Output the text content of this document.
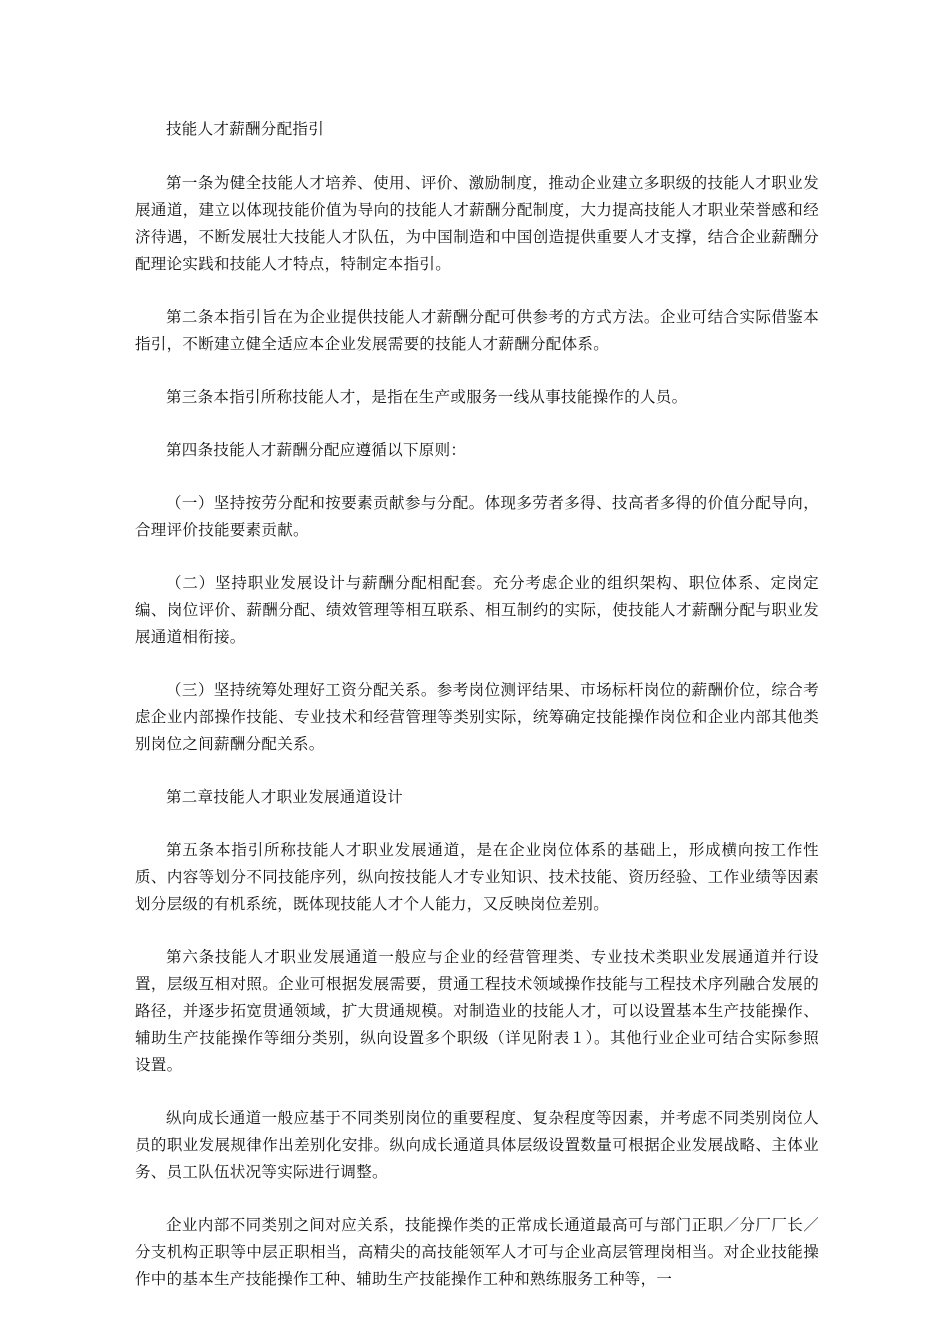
技能人才薪酬分配指引

第一条为健全技能人才培养、使用、评价、激励制度，推动企业建立多职级的技能人才职业发展通道，建立以体现技能价值为导向的技能人才薪酬分配制度，大力提高技能人才职业荣誉感和经济待遇，不断发展壮大技能人才队伍，为中国制造和中国创造提供重要人才支撑，结合企业薪酬分配理论实践和技能人才特点，特制定本指引。

第二条本指引旨在为企业提供技能人才薪酬分配可供参考的方式方法。企业可结合实际借鉴本指引，不断建立健全适应本企业发展需要的技能人才薪酬分配体系。

第三条本指引所称技能人才，是指在生产或服务一线从事技能操作的人员。

第四条技能人才薪酬分配应遵循以下原则：

（一）坚持按劳分配和按要素贡献参与分配。体现多劳者多得、技高者多得的价值分配导向，合理评价技能要素贡献。

（二）坚持职业发展设计与薪酬分配相配套。充分考虑企业的组织架构、职位体系、定岗定编、岗位评价、薪酬分配、绩效管理等相互联系、相互制约的实际，使技能人才薪酬分配与职业发展通道相衔接。

（三）坚持统筹处理好工资分配关系。参考岗位测评结果、市场标杆岗位的薪酬价位，综合考虑企业内部操作技能、专业技术和经营管理等类别实际，统筹确定技能操作岗位和企业内部其他类别岗位之间薪酬分配关系。

第二章技能人才职业发展通道设计

第五条本指引所称技能人才职业发展通道，是在企业岗位体系的基础上，形成横向按工作性质、内容等划分不同技能序列，纵向按技能人才专业知识、技术技能、资历经验、工作业绩等因素划分层级的有机系统，既体现技能人才个人能力，又反映岗位差别。

第六条技能人才职业发展通道一般应与企业的经营管理类、专业技术类职业发展通道并行设置，层级互相对照。企业可根据发展需要，贯通工程技术领域操作技能与工程技术序列融合发展的路径，并逐步拓宽贯通领域，扩大贯通规模。对制造业的技能人才，可以设置基本生产技能操作、辅助生产技能操作等细分类别，纵向设置多个职级（详见附表１）。其他行业企业可结合实际参照设置。

纵向成长通道一般应基于不同类别岗位的重要程度、复杂程度等因素，并考虑不同类别岗位人员的职业发展规律作出差别化安排。纵向成长通道具体层级设置数量可根据企业发展战略、主体业务、员工队伍状况等实际进行调整。

企业内部不同类别之间对应关系，技能操作类的正常成长通道最高可与部门正职／分厂厂长／分支机构正职等中层正职相当，高精尖的高技能领军人才可与企业高层管理岗相当。对企业技能操作中的基本生产技能操作工种、辅助生产技能操作工种和熟练服务工种等，一
